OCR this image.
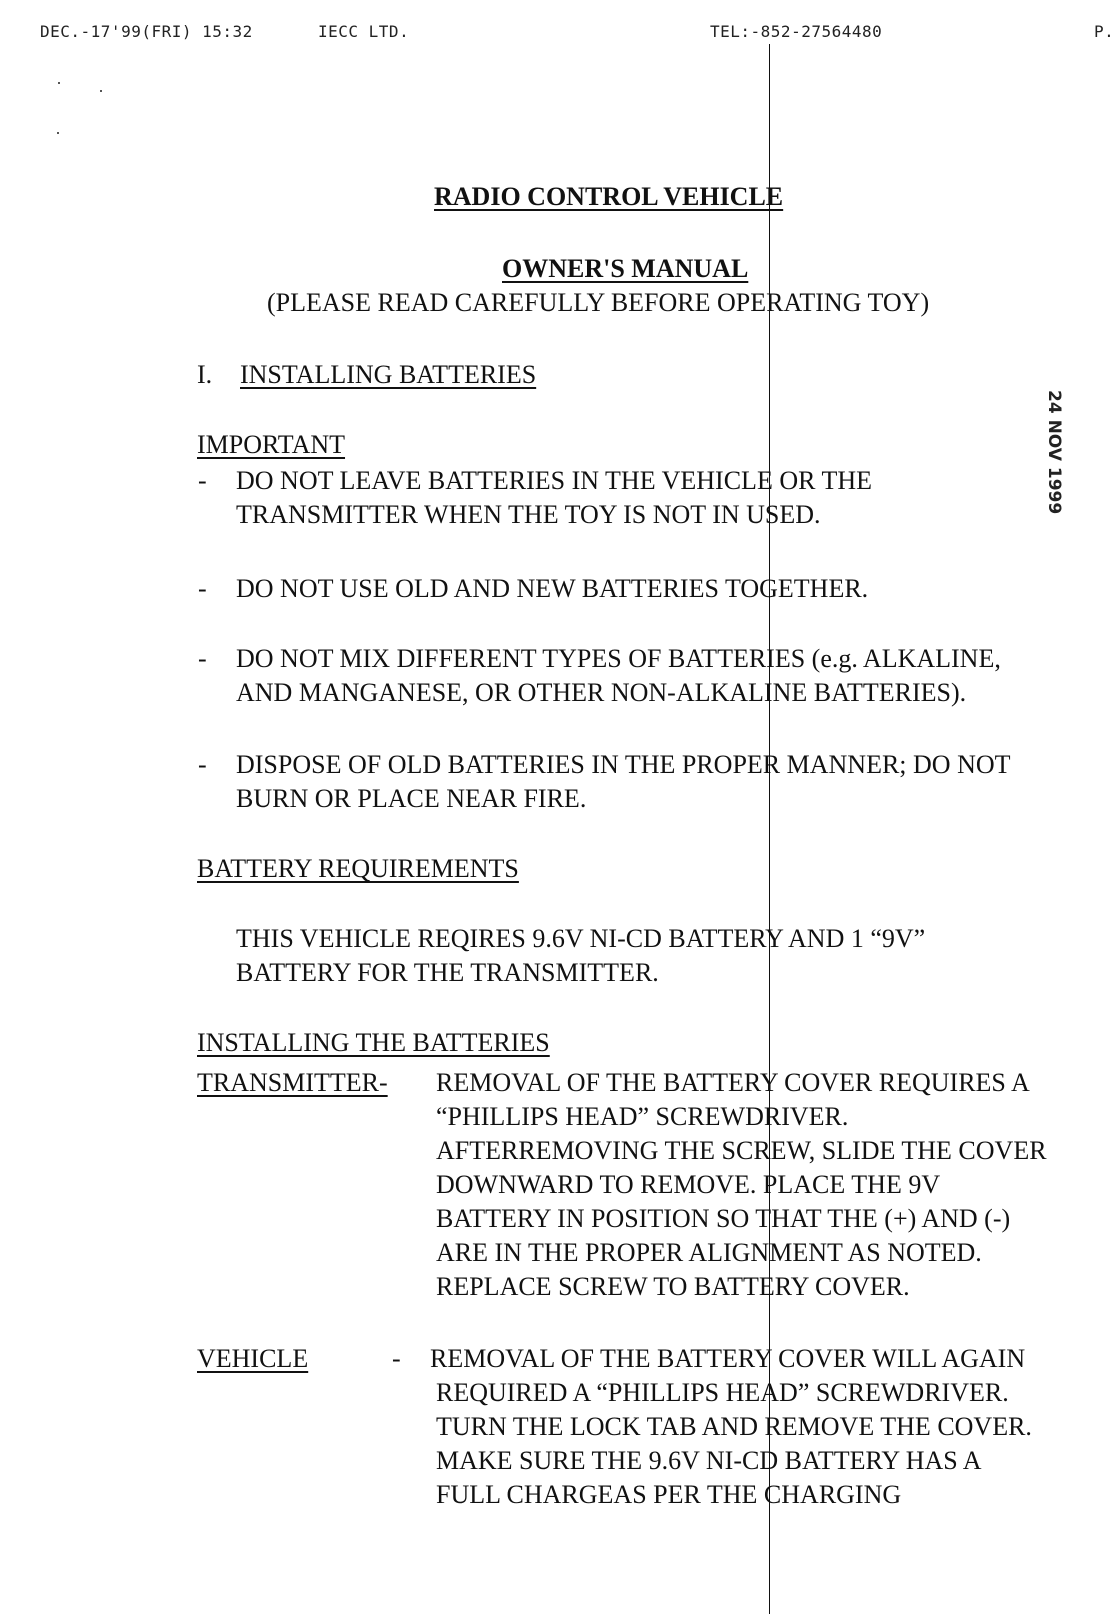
DEC.-17'99(FRI) 15:32	IECC LTD.	TEL:-852-27564480	P.
24 NOV 1999
RADIO CONTROL VEHICLE
OWNER'S MANUAL
(PLEASE READ CAREFULLY BEFORE OPERATING TOY)
I. INSTALLING BATTERIES
IMPORTANT
- DO NOT LEAVE BATTERIES IN THE VEHICLE OR THE
TRANSMITTER WHEN THE TOY IS NOT IN USED.
- DO NOT USE OLD AND NEW BATTERIES TOGETHER.
- DO NOT MIX DIFFERENT TYPES OF BATTERIES (e.g. ALKALINE,
AND MANGANESE, OR OTHER NON-ALKALINE BATTERIES).
- DISPOSE OF OLD BATTERIES IN THE PROPER MANNER; DO NOT
BURN OR PLACE NEAR FIRE.
BATTERY REQUIREMENTS
THIS VEHICLE REQIRES 9.6V NI-CD BATTERY AND 1 “9V”
BATTERY FOR THE TRANSMITTER.
INSTALLING THE BATTERIES
TRANSMITTER- REMOVAL OF THE BATTERY COVER REQUIRES A
“PHILLIPS HEAD” SCREWDRIVER.
AFTERREMOVING THE SCREW, SLIDE THE COVER
DOWNWARD TO REMOVE. PLACE THE 9V
BATTERY IN POSITION SO THAT THE (+) AND (-)
ARE IN THE PROPER ALIGNMENT AS NOTED.
REPLACE SCREW TO BATTERY COVER.
VEHICLE	- REMOVAL OF THE BATTERY COVER WILL AGAIN
REQUIRED A “PHILLIPS HEAD” SCREWDRIVER.
TURN THE LOCK TAB AND REMOVE THE COVER.
MAKE SURE THE 9.6V NI-CD BATTERY HAS A
FULL CHARGEAS PER THE CHARGING
